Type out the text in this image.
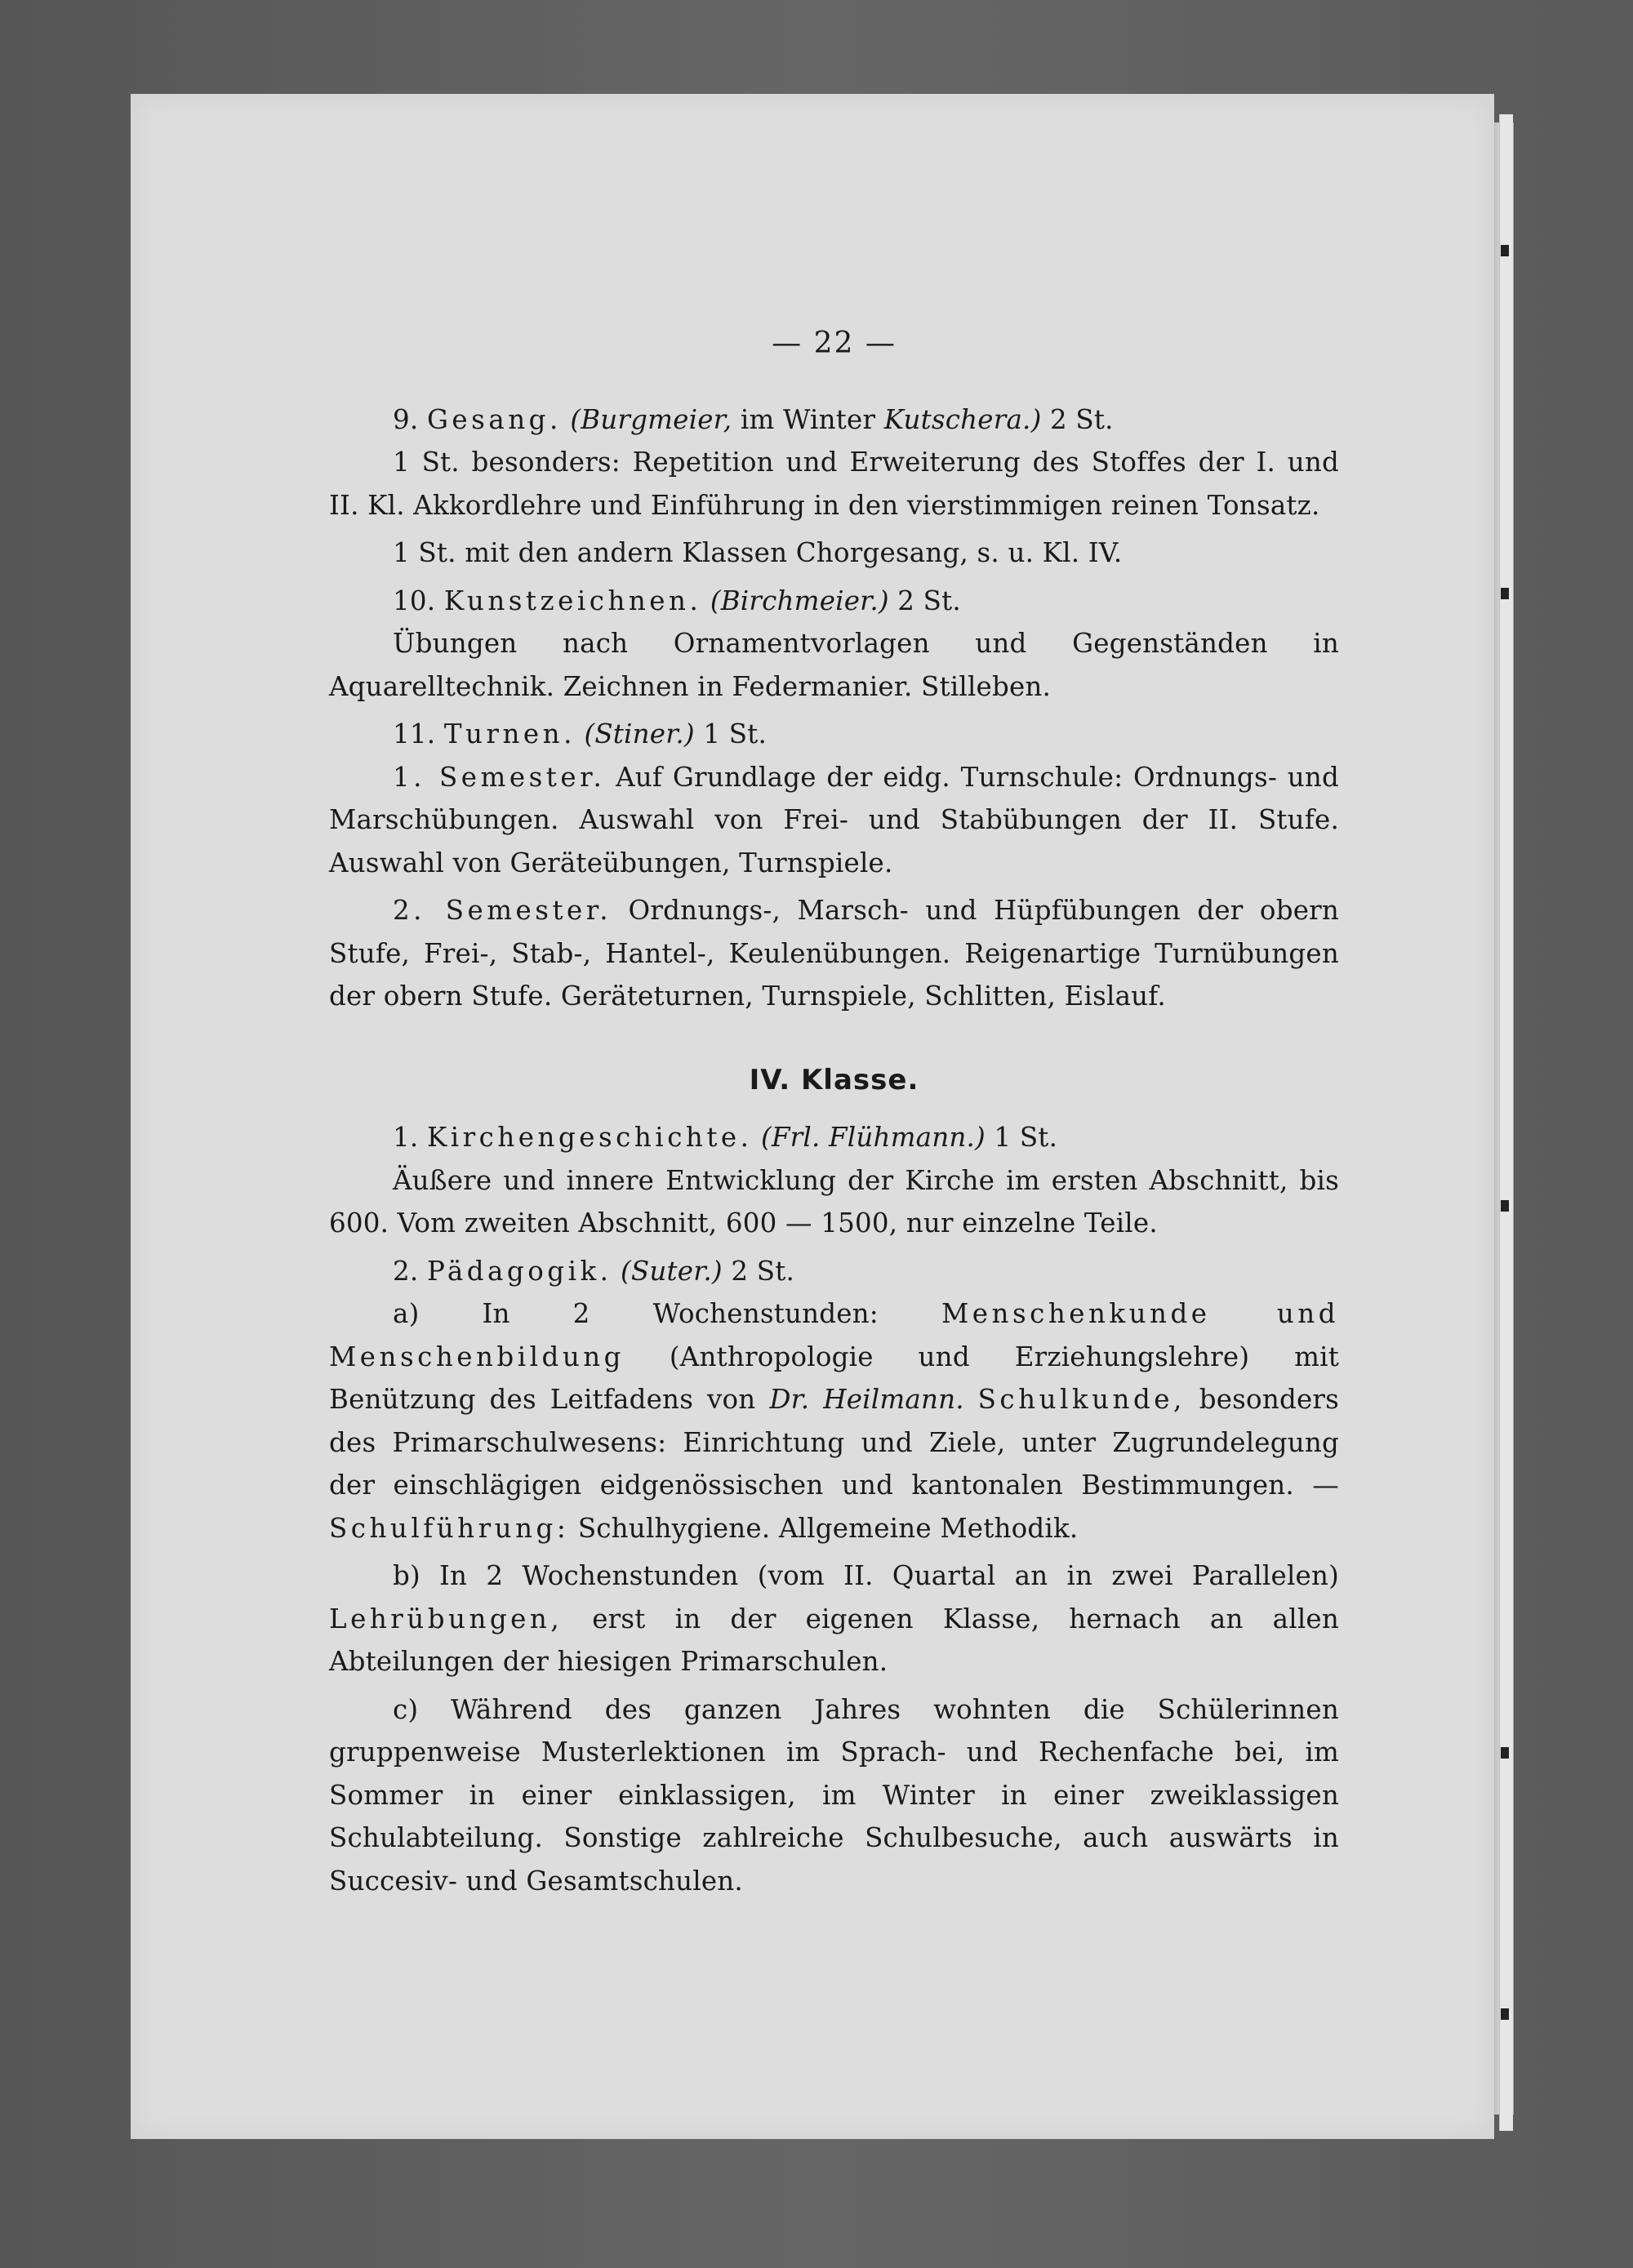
— 22 —

9. Gesang. (Burgmeier, im Winter Kutschera.) 2 St.

1 St. besonders: Repetition und Erweiterung des Stoffes der I. und II. Kl. Akkordlehre und Einführung in den vierstimmigen reinen Tonsatz.

1 St. mit den andern Klassen Chorgesang, s. u. Kl. IV.

10. Kunstzeichnen. (Birchmeier.) 2 St.

Übungen nach Ornamentvorlagen und Gegenständen in Aquarelltechnik. Zeichnen in Federmanier. Stilleben.

11. Turnen. (Stiner.) 1 St.

1. Semester. Auf Grundlage der eidg. Turnschule: Ordnungs- und Marschübungen. Auswahl von Frei- und Stabübungen der II. Stufe. Auswahl von Geräteübungen, Turnspiele.

2. Semester. Ordnungs-, Marsch- und Hüpfübungen der obern Stufe, Frei-, Stab-, Hantel-, Keulenübungen. Reigenartige Turnübungen der obern Stufe. Geräteturnen, Turnspiele, Schlitten, Eislauf.

IV. Klasse.

1. Kirchengeschichte. (Frl. Flühmann.) 1 St.

Äußere und innere Entwicklung der Kirche im ersten Abschnitt, bis 600. Vom zweiten Abschnitt, 600 — 1500, nur einzelne Teile.

2. Pädagogik. (Suter.) 2 St.

a) In 2 Wochenstunden: Menschenkunde und Menschenbildung (Anthropologie und Erziehungslehre) mit Benützung des Leitfadens von Dr. Heilmann. Schulkunde, besonders des Primarschulwesens: Einrichtung und Ziele, unter Zugrundelegung der einschlägigen eidgenössischen und kantonalen Bestimmungen. — Schulführung: Schulhygiene. Allgemeine Methodik.

b) In 2 Wochenstunden (vom II. Quartal an in zwei Parallelen) Lehrübungen, erst in der eigenen Klasse, hernach an allen Abteilungen der hiesigen Primarschulen.

c) Während des ganzen Jahres wohnten die Schülerinnen gruppenweise Musterlektionen im Sprach- und Rechenfache bei, im Sommer in einer einklassigen, im Winter in einer zweiklassigen Schulabteilung. Sonstige zahlreiche Schulbesuche, auch auswärts in Succesiv- und Gesamtschulen.
